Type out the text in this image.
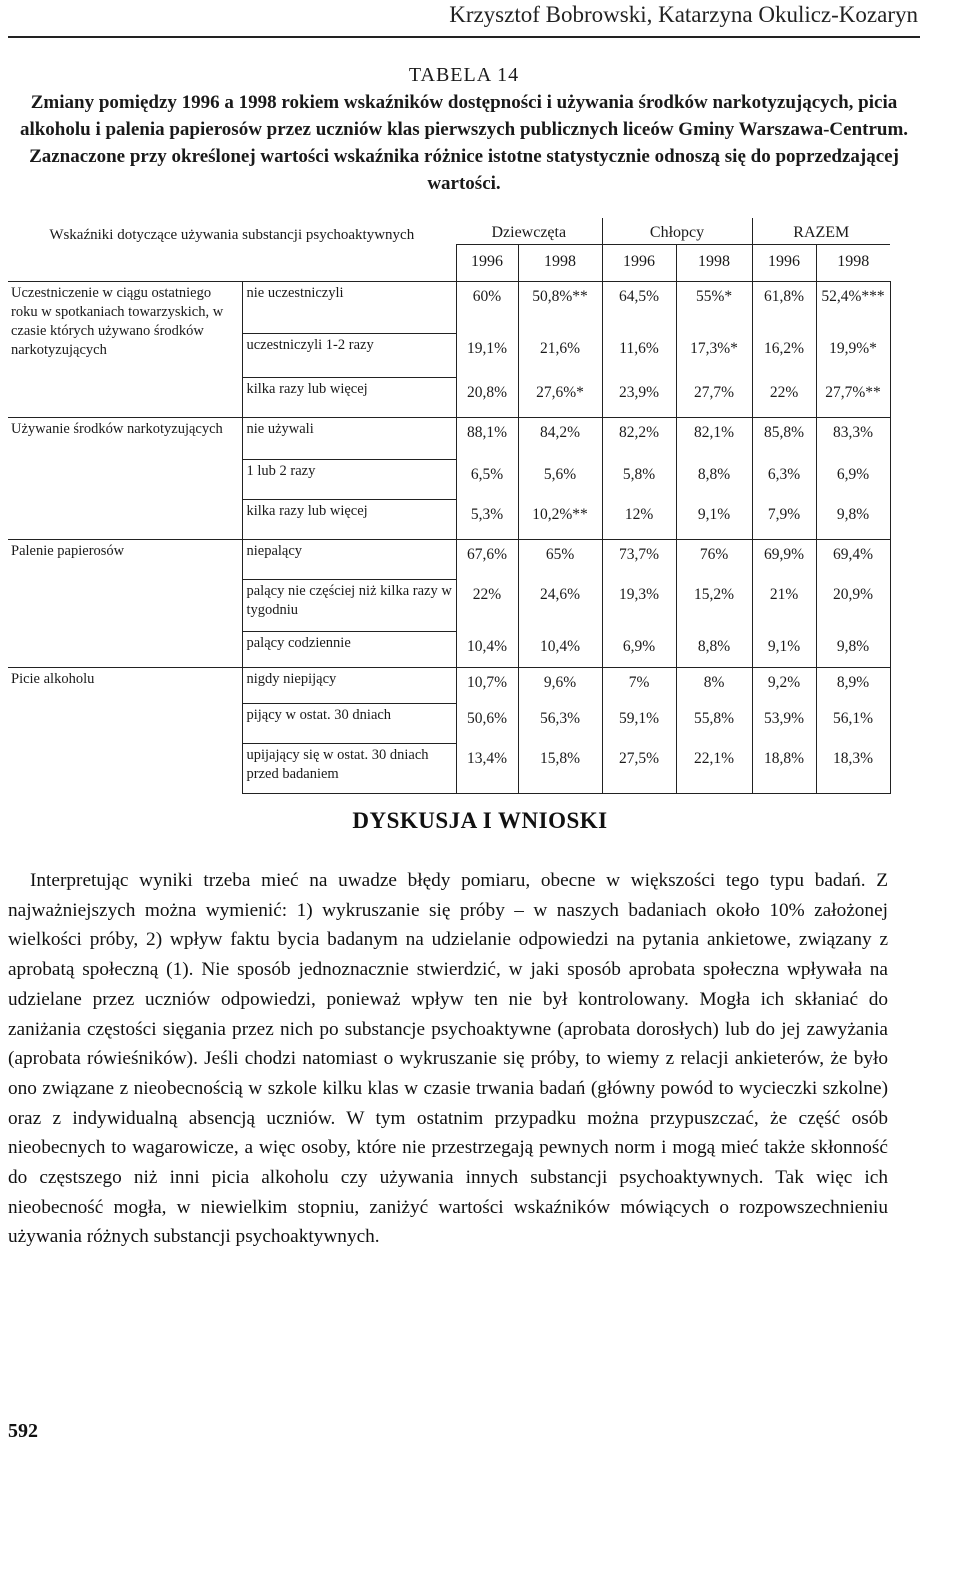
Krzysztof Bobrowski, Katarzyna Okulicz-Kozaryn
TABELA 14
Zmiany pomiędzy 1996 a 1998 rokiem wskaźników dostępności i używania środków narkotyzujących, picia alkoholu i palenia papierosów przez uczniów klas pierwszych publicznych liceów Gminy Warszawa-Centrum. Zaznaczone przy określonej wartości wskaźnika różnice istotne statystycznie odnoszą się do poprzedzającej wartości.
Wskaźniki dotyczące używania substancji psychoaktywnych		Dziewczęta		Chłopcy		RAZEM	
		1996	1998	1996	1998	1996	1998
Uczestniczenie w ciągu ostatniego roku w spotkaniach towarzyskich, w czasie których używano środków narkotyzujących	nie uczestniczyli	60%	50,8%**	64,5%	55%*	61,8%	52,4%***
	uczestniczyli 1-2 razy	19,1%	21,6%	11,6%	17,3%*	16,2%	19,9%*
	kilka razy lub więcej	20,8%	27,6%*	23,9%	27,7%	22%	27,7%**
Używanie środków narkotyzujących	nie używali	88,1%	84,2%	82,2%	82,1%	85,8%	83,3%
	1 lub 2 razy	6,5%	5,6%	5,8%	8,8%	6,3%	6,9%
	kilka razy lub więcej	5,3%	10,2%**	12%	9,1%	7,9%	9,8%
Palenie papierosów	niepalący	67,6%	65%	73,7%	76%	69,9%	69,4%
	palący nie częściej niż kilka razy w tygodniu	22%	24,6%	19,3%	15,2%	21%	20,9%
	palący codziennie	10,4%	10,4%	6,9%	8,8%	9,1%	9,8%
Picie alkoholu	nigdy niepijący	10,7%	9,6%	7%	8%	9,2%	8,9%
	pijący w ostat. 30 dniach	50,6%	56,3%	59,1%	55,8%	53,9%	56,1%
	upijający się w ostat. 30 dniach przed badaniem	13,4%	15,8%	27,5%	22,1%	18,8%	18,3%
DYSKUSJA I WNIOSKI

Interpretując wyniki trzeba mieć na uwadze błędy pomiaru, obecne w większości tego typu badań. Z najważniejszych można wymienić: 1) wykruszanie się próby – w naszych badaniach około 10% założonej wielkości próby, 2) wpływ faktu bycia badanym na udzielanie odpowiedzi na pytania ankietowe, związany z aprobatą społeczną (1). Nie sposób jednoznacznie stwierdzić, w jaki sposób aprobata społeczna wpływała na udzielane przez uczniów odpowiedzi, ponieważ wpływ ten nie był kontrolowany. Mogła ich skłaniać do zaniżania częstości sięgania przez nich po substancje psychoaktywne (aprobata dorosłych) lub do jej zawyżania (aprobata rówieśników). Jeśli chodzi natomiast o wykruszanie się próby, to wiemy z relacji ankieterów, że było ono związane z nieobecnością w szkole kilku klas w czasie trwania badań (główny powód to wycieczki szkolne) oraz z indywidualną absencją uczniów. W tym ostatnim przypadku można przypuszczać, że część osób nieobecnych to wagarowicze, a więc osoby, które nie przestrzegają pewnych norm i mogą mieć także skłonność do częstszego niż inni picia alkoholu czy używania innych substancji psychoaktywnych. Tak więc ich nieobecność mogła, w niewielkim stopniu, zaniżyć wartości wskaźników mówiących o rozpowszechnieniu używania różnych substancji psychoaktywnych.

592
